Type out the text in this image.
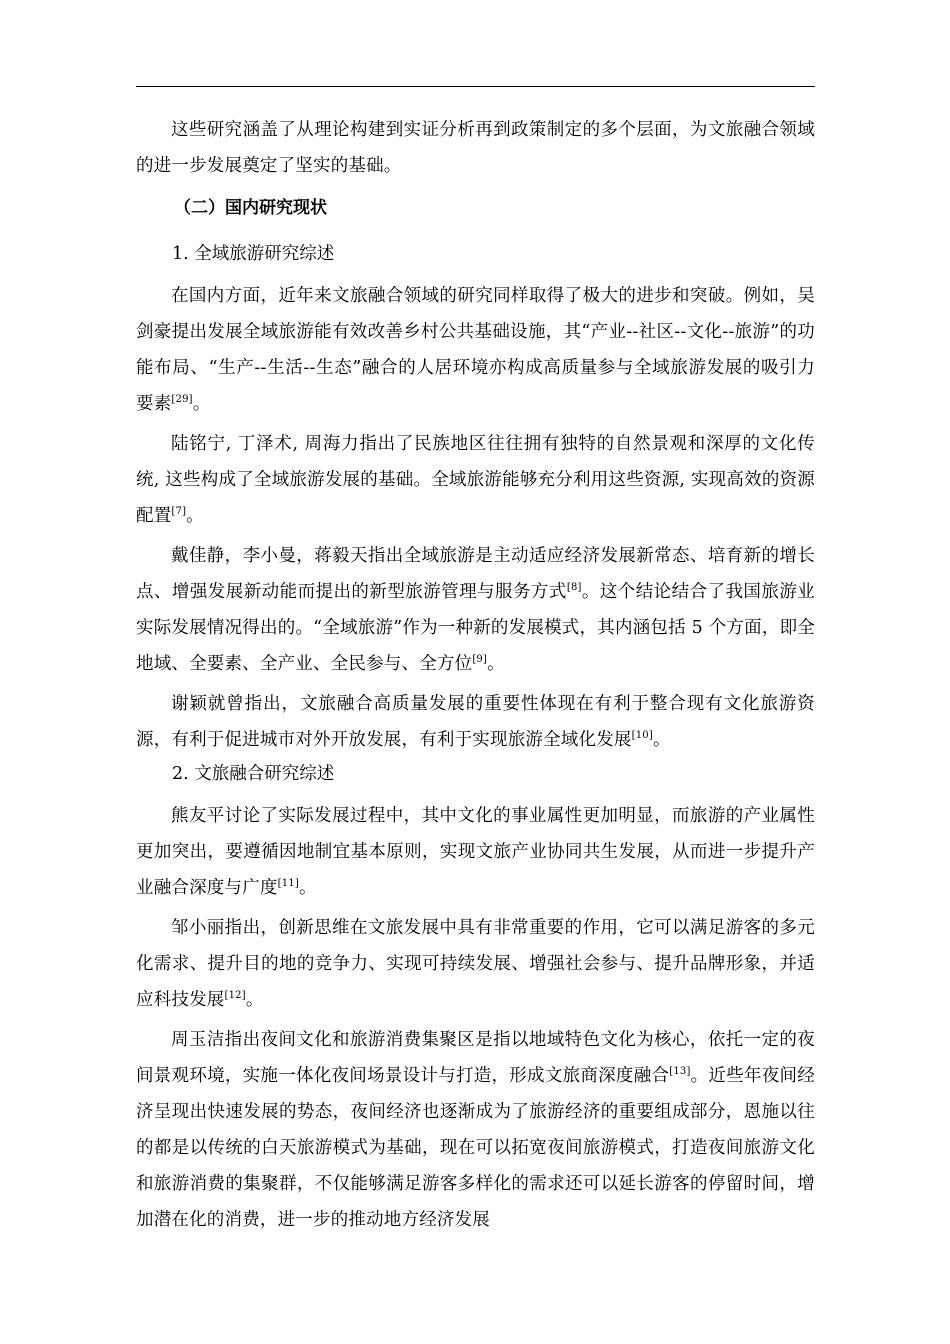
这些研究涵盖了从理论构建到实证分析再到政策制定的多个层面，为文旅融合领域的进一步发展奠定了坚实的基础。

（二）国内研究现状
1. 全域旅游研究综述

在国内方面，近年来文旅融合领域的研究同样取得了极大的进步和突破。例如，吴剑豪提出发展全域旅游能有效改善乡村公共基础设施，其“产业--社区--文化--旅游”的功能布局、“生产--生活--生态”融合的人居环境亦构成高质量参与全域旅游发展的吸引力要素[29]。

陆铭宁, 丁泽术, 周海力指出了民族地区往往拥有独特的自然景观和深厚的文化传统, 这些构成了全域旅游发展的基础。全域旅游能够充分利用这些资源, 实现高效的资源配置[7]。

戴佳静，李小曼，蒋毅天指出全域旅游是主动适应经济发展新常态、培育新的增长点、增强发展新动能而提出的新型旅游管理与服务方式[8]。这个结论结合了我国旅游业实际发展情况得出的。“全域旅游”作为一种新的发展模式，其内涵包括 5 个方面，即全地域、全要素、全产业、全民参与、全方位[9]。

谢颖就曾指出，文旅融合高质量发展的重要性体现在有利于整合现有文化旅游资源，有利于促进城市对外开放发展，有利于实现旅游全域化发展[10]。

2. 文旅融合研究综述

熊友平讨论了实际发展过程中，其中文化的事业属性更加明显，而旅游的产业属性更加突出，要遵循因地制宜基本原则，实现文旅产业协同共生发展，从而进一步提升产业融合深度与广度[11]。

邹小丽指出，创新思维在文旅发展中具有非常重要的作用，它可以满足游客的多元化需求、提升目的地的竞争力、实现可持续发展、增强社会参与、提升品牌形象，并适应科技发展[12]。

周玉洁指出夜间文化和旅游消费集聚区是指以地域特色文化为核心，依托一定的夜间景观环境，实施一体化夜间场景设计与打造，形成文旅商深度融合[13]。近些年夜间经济呈现出快速发展的势态，夜间经济也逐渐成为了旅游经济的重要组成部分，恩施以往的都是以传统的白天旅游模式为基础，现在可以拓宽夜间旅游模式，打造夜间旅游文化和旅游消费的集聚群，不仅能够满足游客多样化的需求还可以延长游客的停留时间，增加潜在化的消费，进一步的推动地方经济发展
